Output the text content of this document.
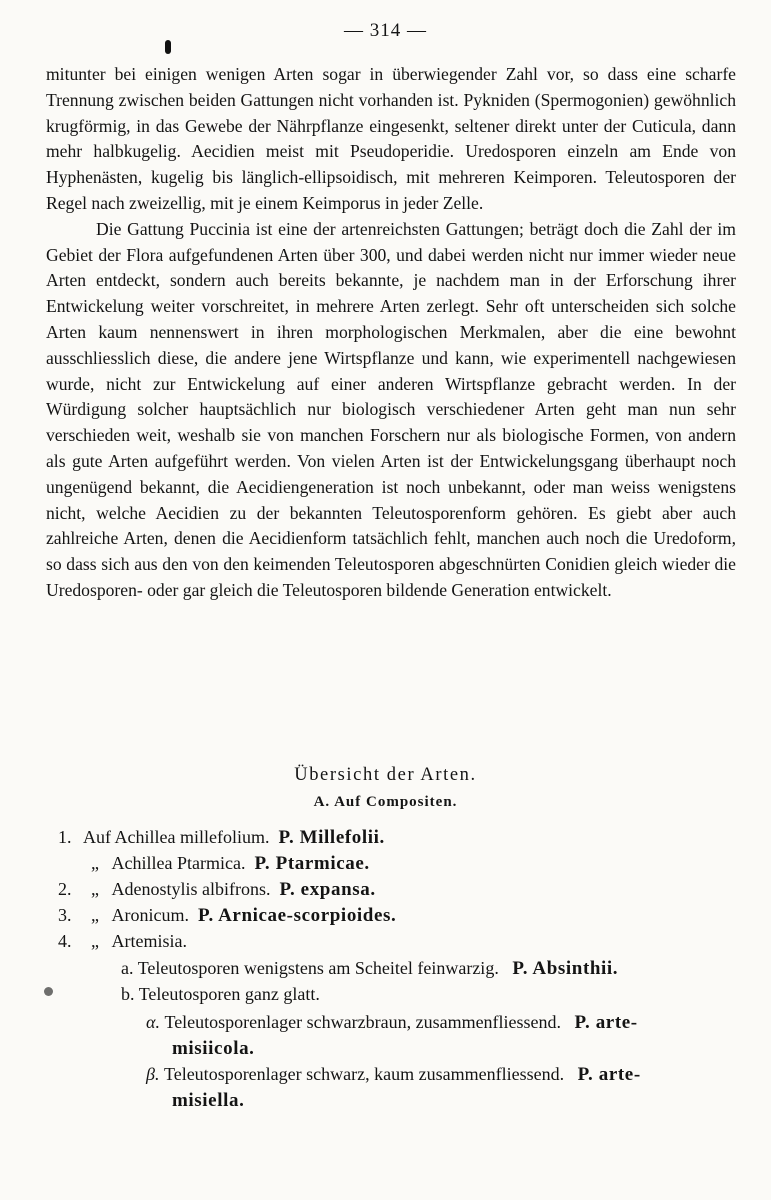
— 314 —

mitunter bei einigen wenigen Arten sogar in überwiegender Zahl vor, so dass eine scharfe Trennung zwischen beiden Gattungen nicht vorhanden ist. Pykniden (Spermogonien) gewöhnlich krugförmig, in das Gewebe der Nährpflanze eingesenkt, seltener direkt unter der Cuticula, dann mehr halbkugelig. Aecidien meist mit Pseudoperidie. Uredosporen einzeln am Ende von Hyphenästen, kugelig bis länglich-ellipsoidisch, mit mehreren Keimporen. Teleutosporen der Regel nach zweizellig, mit je einem Keimporus in jeder Zelle.

Die Gattung Puccinia ist eine der artenreichsten Gattungen; beträgt doch die Zahl der im Gebiet der Flora aufgefundenen Arten über 300, und dabei werden nicht nur immer wieder neue Arten entdeckt, sondern auch bereits bekannte, je nachdem man in der Erforschung ihrer Entwickelung weiter vorschreitet, in mehrere Arten zerlegt. Sehr oft unterscheiden sich solche Arten kaum nennenswert in ihren morphologischen Merkmalen, aber die eine bewohnt ausschliesslich diese, die andere jene Wirtspflanze und kann, wie experimentell nachgewiesen wurde, nicht zur Entwickelung auf einer anderen Wirtspflanze gebracht werden. In der Würdigung solcher hauptsächlich nur biologisch verschiedener Arten geht man nun sehr verschieden weit, weshalb sie von manchen Forschern nur als biologische Formen, von andern als gute Arten aufgeführt werden. Von vielen Arten ist der Entwickelungsgang überhaupt noch ungenügend bekannt, die Aecidiengeneration ist noch unbekannt, oder man weiss wenigstens nicht, welche Aecidien zu der bekannten Teleutosporenform gehören. Es giebt aber auch zahlreiche Arten, denen die Aecidienform tatsächlich fehlt, manchen auch noch die Uredoform, so dass sich aus den von den keimenden Teleutosporen abgeschnürten Conidien gleich wieder die Uredosporen- oder gar gleich die Teleutosporen bildende Generation entwickelt.

Übersicht der Arten.
A. Auf Compositen.
1. Auf Achillea millefolium. P. Millefolii.
„ Achillea Ptarmica. P. Ptarmicae.
2. „ Adenostylis albifrons. P. expansa.
3. „ Aronicum. P. Arnicae-scorpioides.
4. „ Artemisia.
a. Teleutosporen wenigstens am Scheitel feinwarzig. P. Absinthii.
b. Teleutosporen ganz glatt.
α. Teleutosporenlager schwarzbraun, zusammenfliessend. P. arte-
misiicola.
β. Teleutosporenlager schwarz, kaum zusammenfliessend. P. arte-
misiella.
